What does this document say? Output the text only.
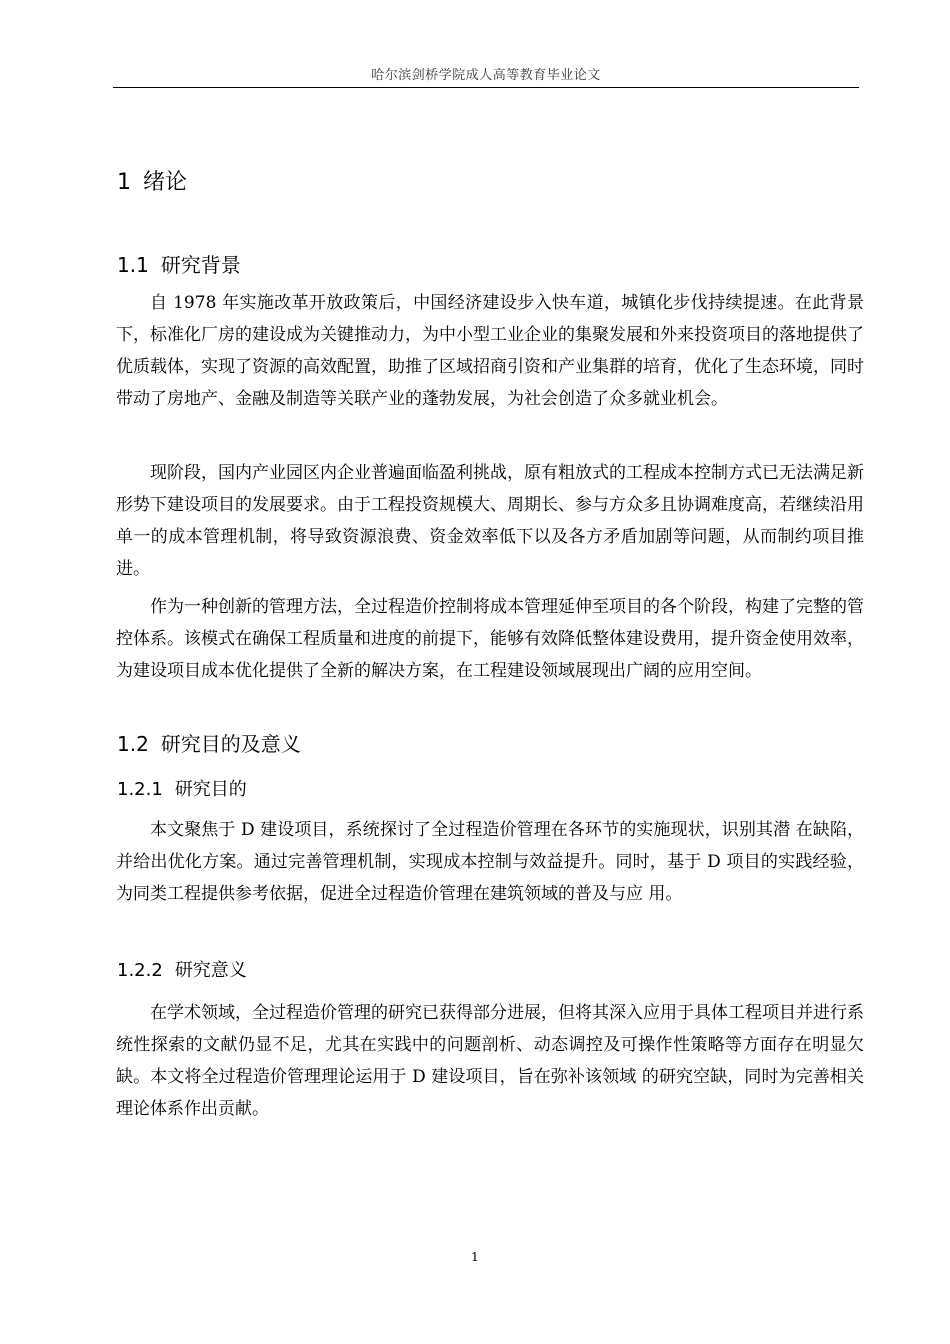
哈尔滨剑桥学院成人高等教育毕业论文
1 绪论
1.1 研究背景

自 1978 年实施改革开放政策后，中国经济建设步入快车道，城镇化步伐持续提速。在此背景下，标准化厂房的建设成为关键推动力，为中小型工业企业的集聚发展和外来投资项目的落地提供了优质载体，实现了资源的高效配置，助推了区域招商引资和产业集群的培育，优化了生态环境，同时带动了房地产、金融及制造等关联产业的蓬勃发展，为社会创造了众多就业机会。

现阶段，国内产业园区内企业普遍面临盈利挑战，原有粗放式的工程成本控制方式已无法满足新形势下建设项目的发展要求。由于工程投资规模大、周期长、参与方众多且协调难度高，若继续沿用单一的成本管理机制，将导致资源浪费、资金效率低下以及各方矛盾加剧等问题，从而制约项目推进。

作为一种创新的管理方法，全过程造价控制将成本管理延伸至项目的各个阶段，构建了完整的管控体系。该模式在确保工程质量和进度的前提下，能够有效降低整体建设费用，提升资金使用效率，为建设项目成本优化提供了全新的解决方案，在工程建设领域展现出广阔的应用空间。

1.2 研究目的及意义
1.2.1 研究目的

本文聚焦于 D 建设项目，系统探讨了全过程造价管理在各环节的实施现状，识别其潜 在缺陷，并给出优化方案。通过完善管理机制，实现成本控制与效益提升。同时，基于 D 项目的实践经验，为同类工程提供参考依据，促进全过程造价管理在建筑领域的普及与应 用。

1.2.2 研究意义

在学术领域，全过程造价管理的研究已获得部分进展，但将其深入应用于具体工程项目并进行系统性探索的文献仍显不足，尤其在实践中的问题剖析、动态调控及可操作性策略等方面存在明显欠缺。本文将全过程造价管理理论运用于 D 建设项目，旨在弥补该领域 的研究空缺，同时为完善相关理论体系作出贡献。

1
